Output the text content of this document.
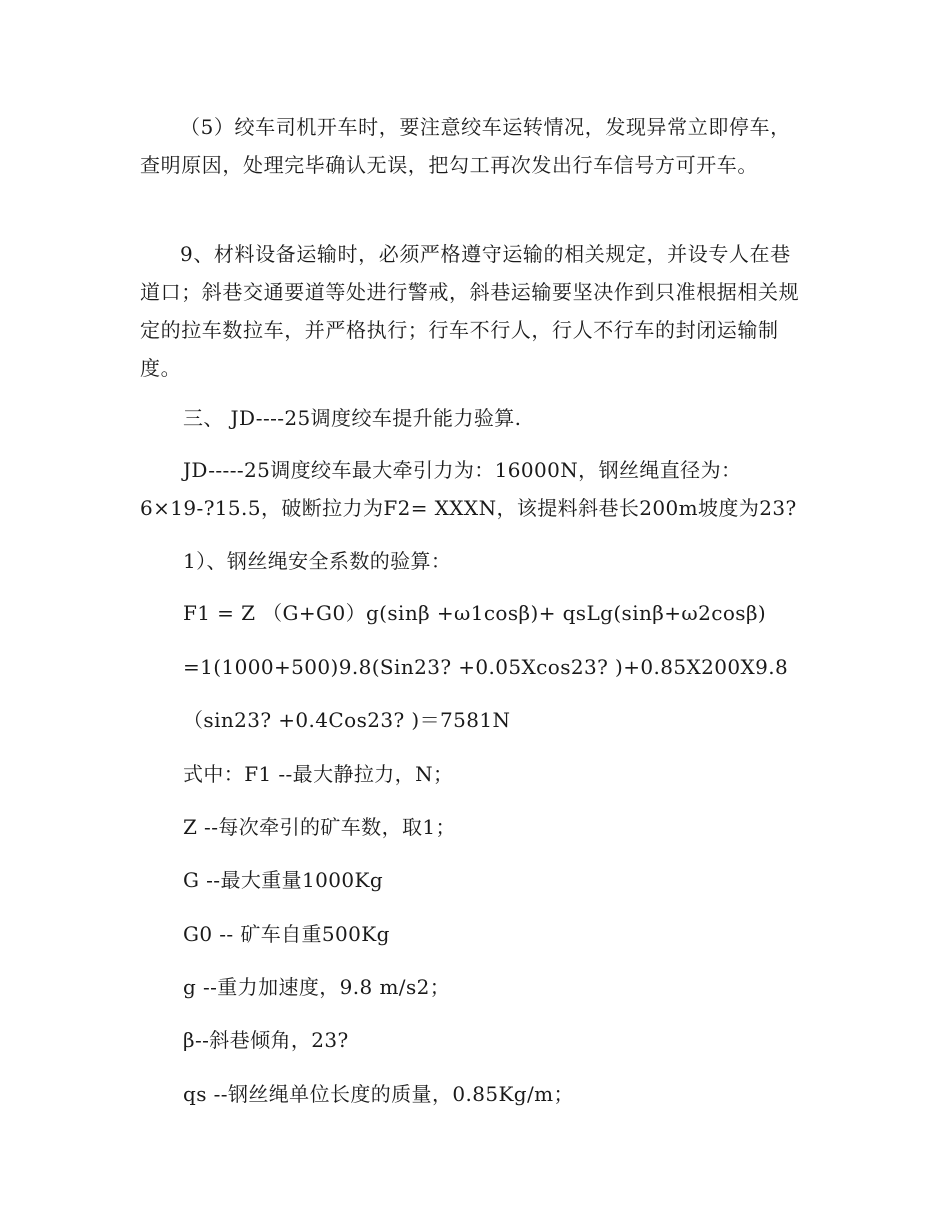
（5）绞车司机开车时，要注意绞车运转情况，发现异常立即停车，查明原因，处理完毕确认无误，把勾工再次发出行车信号方可开车。

9、材料设备运输时，必须严格遵守运输的相关规定，并设专人在巷道口；斜巷交通要道等处进行警戒，斜巷运输要坚决作到只准根据相关规定的拉车数拉车，并严格执行；行车不行人，行人不行车的封闭运输制度。

三、 JD----25调度绞车提升能力验算.

JD-----25调度绞车最大牵引力为：16000N，钢丝绳直径为：

6×19-?15.5，破断拉力为F2= XXXN，该提料斜巷长200m坡度为23?

1）、钢丝绳安全系数的验算：

F1 = Z （G+G0）g(sinβ +ω1cosβ)+ qsLg(sinβ+ω2cosβ)

=1(1000+500)9.8(Sin23? +0.05Xcos23? )+0.85X200X9.8

（sin23? +0.4Cos23? )＝7581N

式中：F1 --最大静拉力，N；

Z --每次牵引的矿车数，取1；

G --最大重量1000Kg

G0 -- 矿车自重500Kg

g --重力加速度，9.8 m/s2；

β--斜巷倾角，23?

qs --钢丝绳单位长度的质量，0.85Kg/m；
